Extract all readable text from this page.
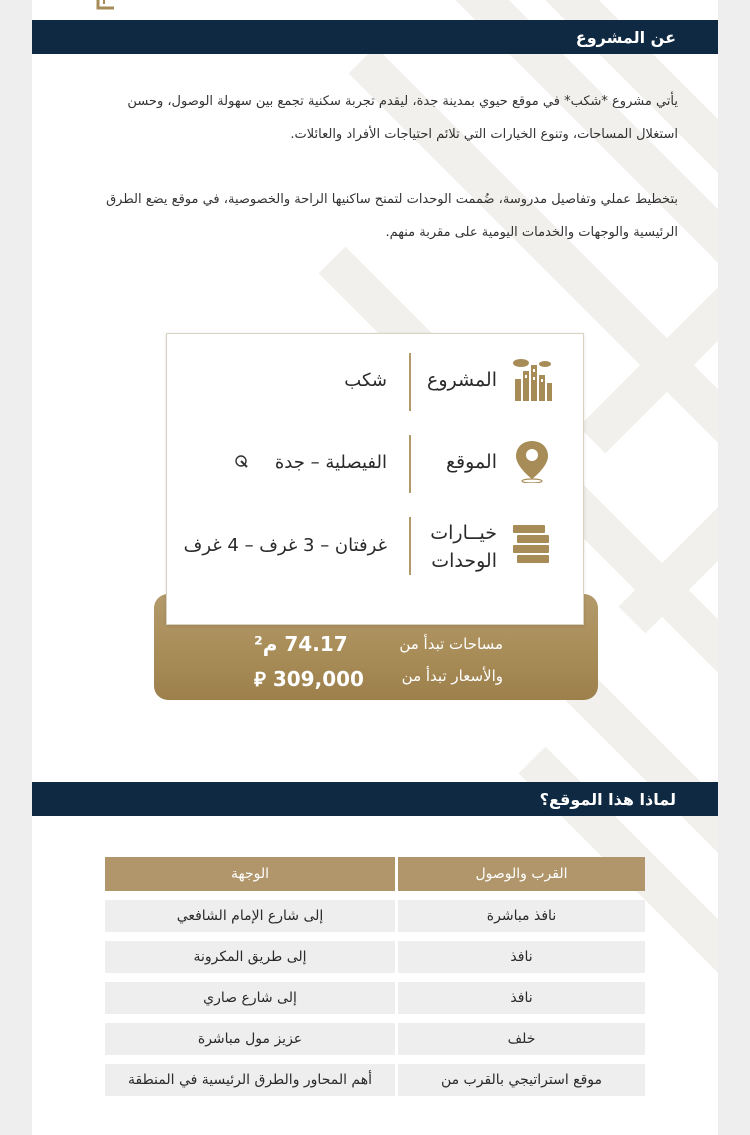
عن المشروع
يأتي مشروع *شكب* في موقع حيوي بمدينة جدة، ليقدم تجربة سكنية تجمع بين سهولة الوصول، وحسن
استغلال المساحات، وتنوع الخيارات التي تلائم احتياجات الأفراد والعائلات.
بتخطيط عملي وتفاصيل مدروسة، ضُممت الوحدات لتمنح ساكنيها الراحة والخصوصية، في موقع يضع الطرق
الرئيسية والوجهات والخدمات اليومية على مقربة منهم.
مساحات تبدأ من
74.17 م²
والأسعار تبدأ من
309,000 ⃁
المشروع
شكب
الموقع
الفيصلية – جدة
خيــارات
الوحدات
غرفتان – 3 غرف – 4 غرف
لماذا هذا الموقع؟
القرب والوصول
الوجهة
نافذ مباشرة
إلى شارع الإمام الشافعي
نافذ
إلى طريق المكرونة
نافذ
إلى شارع صاري
خلف
عزيز مول مباشرة
موقع استراتيجي بالقرب من
أهم المحاور والطرق الرئيسية في المنطقة
